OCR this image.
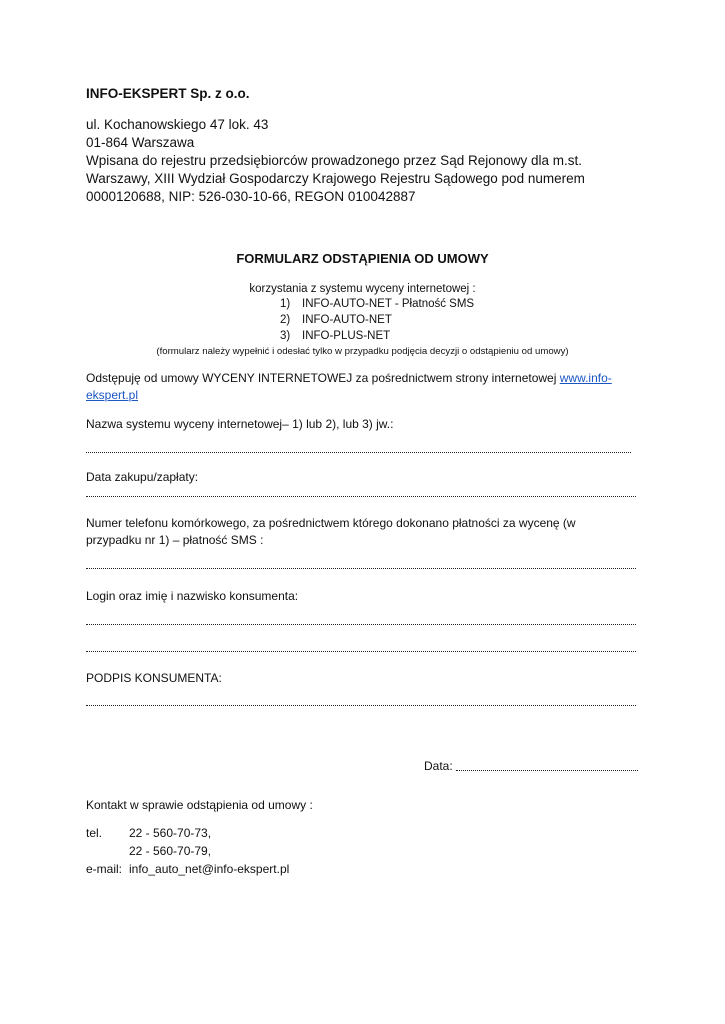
INFO-EKSPERT Sp. z o.o.
ul. Kochanowskiego 47 lok. 43
01-864 Warszawa
Wpisana do rejestru przedsiębiorców prowadzonego przez Sąd Rejonowy dla m.st.
Warszawy, XIII Wydział Gospodarczy Krajowego Rejestru Sądowego pod numerem
0000120688, NIP: 526-030-10-66, REGON 010042887
FORMULARZ ODSTĄPIENIA OD UMOWY
korzystania z systemu wyceny internetowej :
1) INFO-AUTO-NET - Płatność SMS
2) INFO-AUTO-NET
3) INFO-PLUS-NET
(formularz należy wypełnić i odesłać tylko w przypadku podjęcia decyzji o odstąpieniu od umowy)
Odstępuję od umowy WYCENY INTERNETOWEJ za pośrednictwem strony internetowej www.info-
ekspert.pl
Nazwa systemu wyceny internetowej– 1) lub 2), lub 3) jw.:
Data zakupu/zapłaty:
Numer telefonu komórkowego, za pośrednictwem którego dokonano płatności za wycenę (w
przypadku nr 1) – płatność SMS :
Login oraz imię i nazwisko konsumenta:
PODPIS KONSUMENTA:
Data:
Kontakt w sprawie odstąpienia od umowy :
tel. 22 - 560-70-73,
22 - 560-70-79,
e-mail: info_auto_net@info-ekspert.pl
